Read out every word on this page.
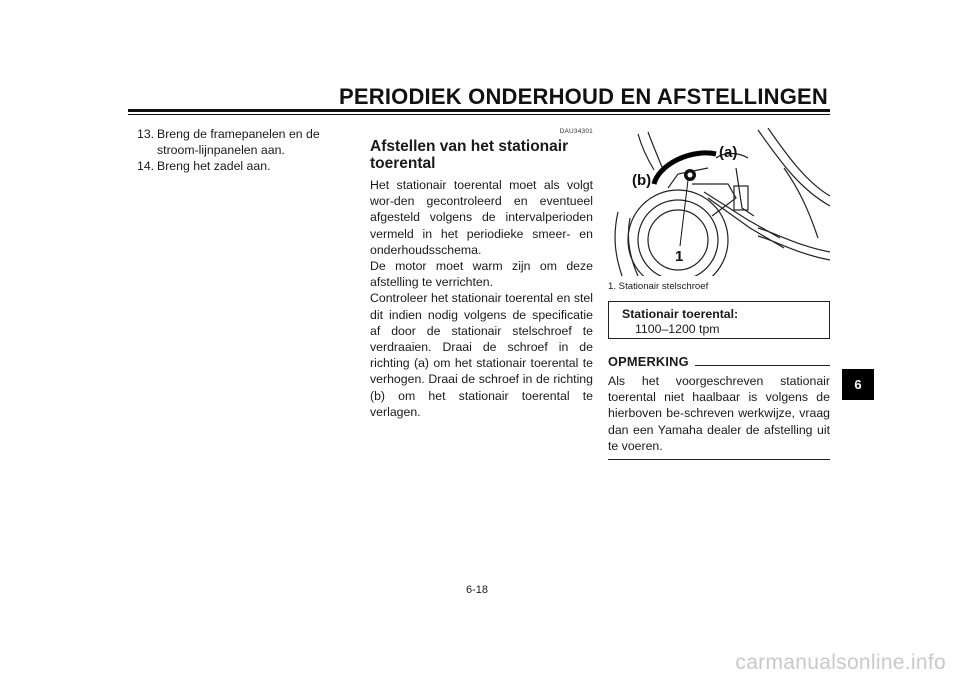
PERIODIEK ONDERHOUD EN AFSTELLINGEN
13. Breng de framepanelen en de stroom-lijnpanelen aan.
14. Breng het zadel aan.
DAU34301
Afstellen van het stationair toerental

Het stationair toerental moet als volgt wor-den gecontroleerd en eventueel afgesteld volgens de intervalperioden vermeld in het periodieke smeer- en onderhoudsschema.

De motor moet warm zijn om deze afstelling te verrichten.

Controleer het stationair toerental en stel dit indien nodig volgens de specificatie af door de stationair stelschroef te verdraaien. Draai de schroef in de richting (a) om het stationair toerental te verhogen. Draai de schroef in de richting (b) om het stationair toerental te verlagen.

(a)
(b)
1
1. Stationair stelschroef
Stationair toerental:
1100–1200 tpm
OPMERKING

Als het voorgeschreven stationair toerental niet haalbaar is volgens de hierboven be-schreven werkwijze, vraag dan een Yamaha dealer de afstelling uit te voeren.

6
6-18
carmanualsonline.info
